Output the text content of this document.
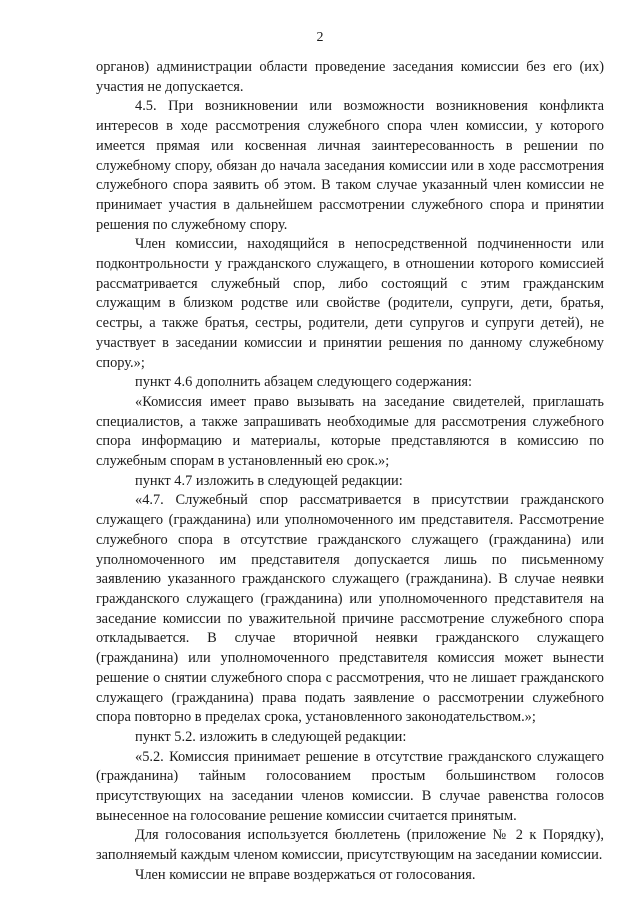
2

органов) администрации области проведение заседания комиссии без его (их) участия не допускается.

4.5. При возникновении или возможности возникновения конфликта интересов в ходе рассмотрения служебного спора член комиссии, у которого имеется прямая или косвенная личная заинтересованность в решении по служебному спору, обязан до начала заседания комиссии или в ходе рассмотрения служебного спора заявить об этом. В таком случае указанный член комиссии не принимает участия в дальнейшем рассмотрении служебного спора и принятии решения по служебному спору.

Член комиссии, находящийся в непосредственной подчиненности или подконтрольности у гражданского служащего, в отношении которого комиссией рассматривается служебный спор, либо состоящий с этим гражданским служащим в близком родстве или свойстве (родители, супруги, дети, братья, сестры, а также братья, сестры, родители, дети супругов и супруги детей), не участвует в заседании комиссии и принятии решения по данному служебному спору.»;

пункт 4.6 дополнить абзацем следующего содержания:

«Комиссия имеет право вызывать на заседание свидетелей, приглашать специалистов, а также запрашивать необходимые для рассмотрения служебного спора информацию и материалы, которые представляются в комиссию по служебным спорам в установленный ею срок.»;

пункт 4.7 изложить в следующей редакции:

«4.7. Служебный спор рассматривается в присутствии гражданского служащего (гражданина) или уполномоченного им представителя. Рассмотрение служебного спора в отсутствие гражданского служащего (гражданина) или уполномоченного им представителя допускается лишь по письменному заявлению указанного гражданского служащего (гражданина). В случае неявки гражданского служащего (гражданина) или уполномоченного представителя на заседание комиссии по уважительной причине рассмотрение служебного спора откладывается. В случае вторичной неявки гражданского служащего (гражданина) или уполномоченного представителя комиссия может вынести решение о снятии служебного спора с рассмотрения, что не лишает гражданского служащего (гражданина) права подать заявление о рассмотрении служебного спора повторно в пределах срока, установленного законодательством.»;

пункт 5.2. изложить в следующей редакции:

«5.2. Комиссия принимает решение в отсутствие гражданского служащего (гражданина) тайным голосованием простым большинством голосов присутствующих на заседании членов комиссии. В случае равенства голосов вынесенное на голосование решение комиссии считается принятым.

Для голосования используется бюллетень (приложение № 2 к Порядку), заполняемый каждым членом комиссии, присутствующим на заседании комиссии.

Член комиссии не вправе воздержаться от голосования.
